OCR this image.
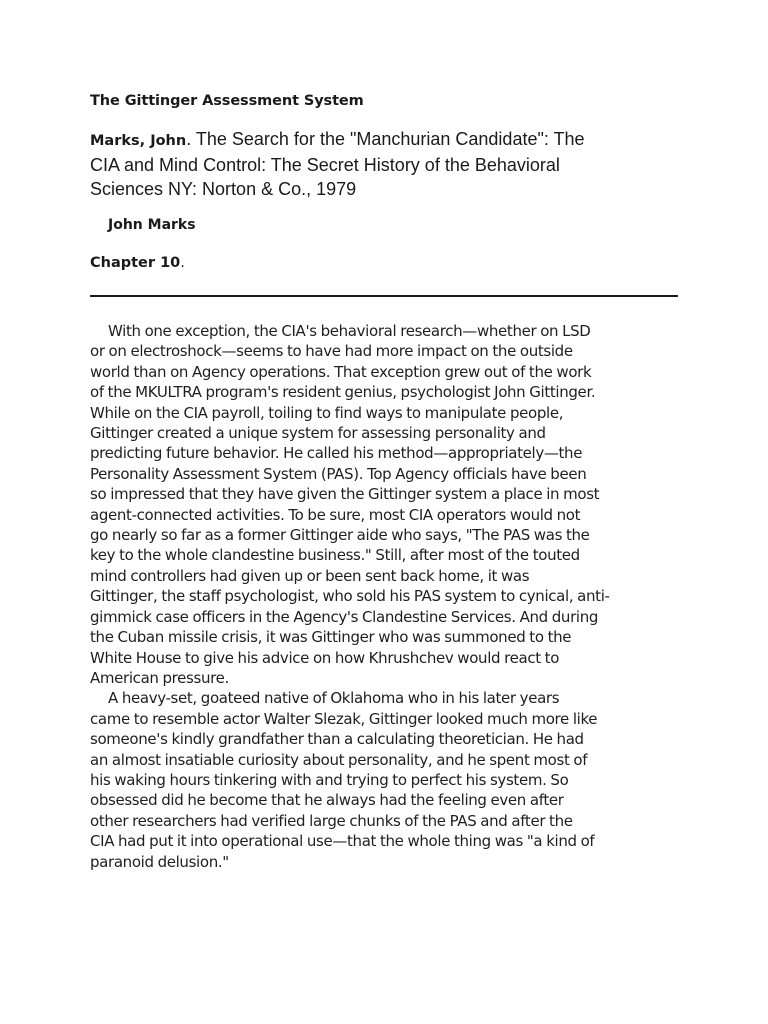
The Gittinger Assessment System
Marks, John. The Search for the "Manchurian Candidate": The
CIA and Mind Control: The Secret History of the Behavioral
Sciences NY: Norton & Co., 1979
John Marks
Chapter 10.
With one exception, the CIA's behavioral research—whether on LSD
or on electroshock—seems to have had more impact on the outside
world than on Agency operations. That exception grew out of the work
of the MKULTRA program's resident genius, psychologist John Gittinger.
While on the CIA payroll, toiling to find ways to manipulate people,
Gittinger created a unique system for assessing personality and
predicting future behavior. He called his method—appropriately—the
Personality Assessment System (PAS). Top Agency officials have been
so impressed that they have given the Gittinger system a place in most
agent-connected activities. To be sure, most CIA operators would not
go nearly so far as a former Gittinger aide who says, "The PAS was the
key to the whole clandestine business." Still, after most of the touted
mind controllers had given up or been sent back home, it was
Gittinger, the staff psychologist, who sold his PAS system to cynical, anti-
gimmick case officers in the Agency's Clandestine Services. And during
the Cuban missile crisis, it was Gittinger who was summoned to the
White House to give his advice on how Khrushchev would react to
American pressure.
A heavy-set, goateed native of Oklahoma who in his later years
came to resemble actor Walter Slezak, Gittinger looked much more like
someone's kindly grandfather than a calculating theoretician. He had
an almost insatiable curiosity about personality, and he spent most of
his waking hours tinkering with and trying to perfect his system. So
obsessed did he become that he always had the feeling even after
other researchers had verified large chunks of the PAS and after the
CIA had put it into operational use—that the whole thing was "a kind of
paranoid delusion."
